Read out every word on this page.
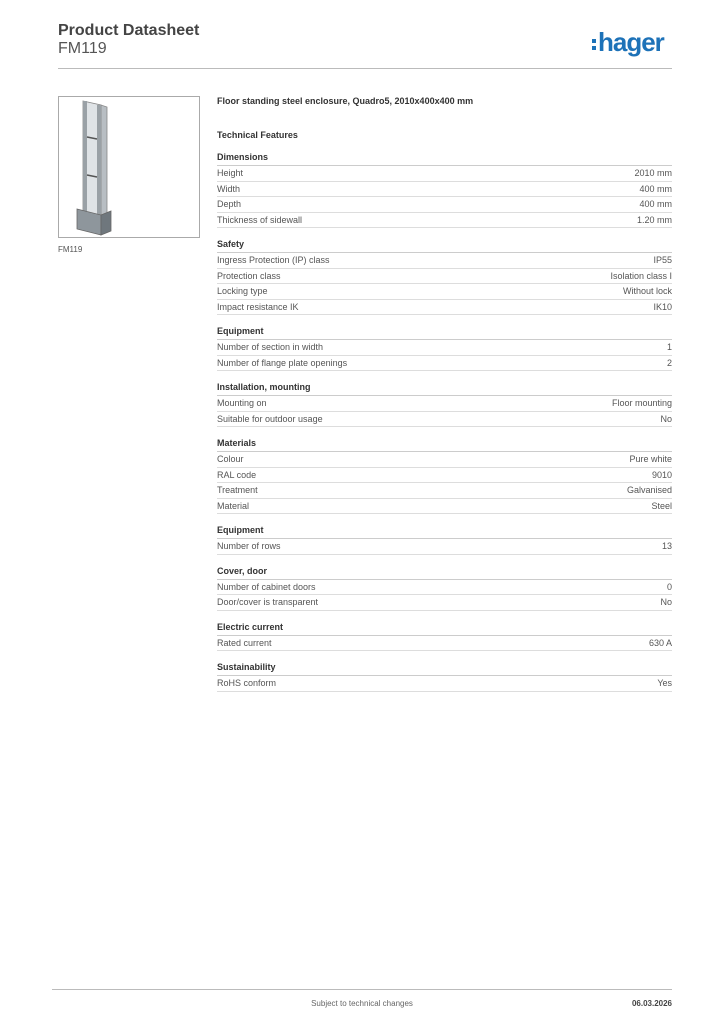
Product Datasheet
FM119	hager
FM119
Floor standing steel enclosure, Quadro5, 2010x400x400 mm
Technical Features
Dimensions
Height	2010 mm
Width	400 mm
Depth	400 mm
Thickness of sidewall	1.20 mm
Safety
Ingress Protection (IP) class	IP55
Protection class	Isolation class I
Locking type	Without lock
Impact resistance IK	IK10
Equipment
Number of section in width	1
Number of flange plate openings	2
Installation, mounting
Mounting on	Floor mounting
Suitable for outdoor usage	No
Materials
Colour	Pure white
RAL code	9010
Treatment	Galvanised
Material	Steel
Equipment
Number of rows	13
Cover, door
Number of cabinet doors	0
Door/cover is transparent	No
Electric current
Rated current	630 A
Sustainability
RoHS conform	Yes
Subject to technical changes	06.03.2026
